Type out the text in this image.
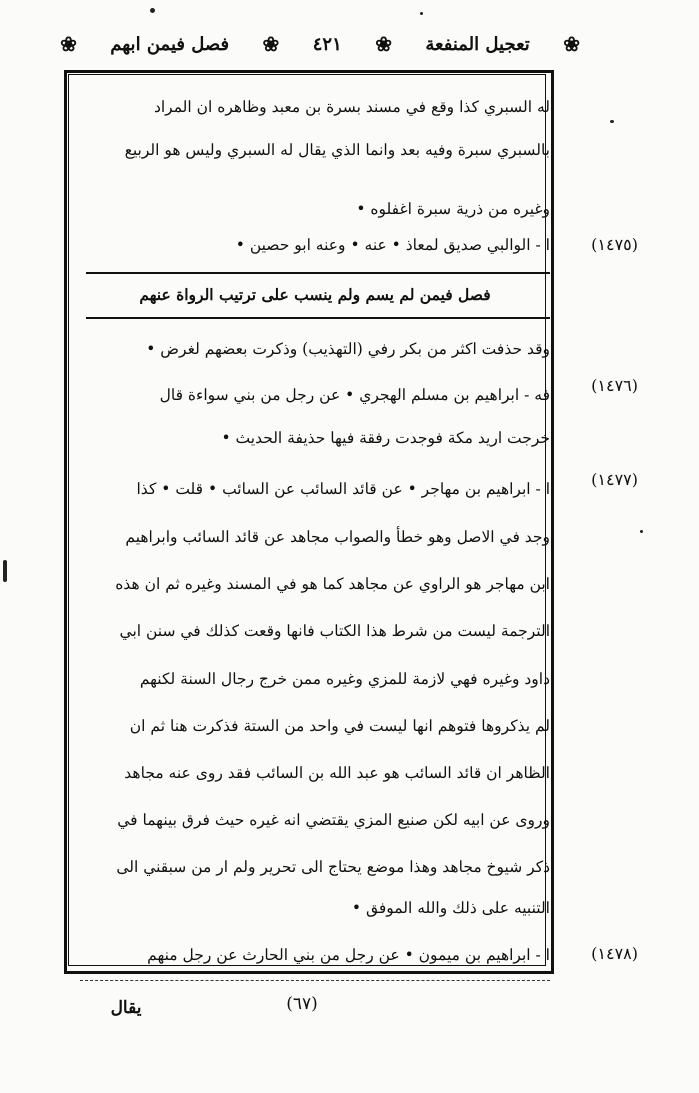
❀
تعجيل المنفعة
❀
٤٢١
❀
فصل فيمن ابهم
❀
له السبري كذا وقع في مسند بسرة بن معبد وظاهره ان المراد
بالسبري سبرة وفيه بعد وانما الذي يقال له السبري وليس هو الربيع
وغيره من ذرية سبرة اغفلوه •
ا - الوالبي صديق لمعاذ • عنه • وعنه ابو حصين •	(١٤٧٥)
فصل فيمن لم يسم ولم ينسب على ترتيب الرواة عنهم
وقد حذفت اكثر من بكر رفي (التهذيب) وذكرت بعضهم لغرض •
فه - ابراهيم بن مسلم الهجري • عن رجل من بني سواءة قال	(١٤٧٦)
خرجت اريد مكة فوجدت رفقة فيها حذيفة الحديث •
ا - ابراهيم بن مهاجر • عن قائد السائب عن السائب • قلت • كذا	(١٤٧٧)
وجد في الاصل وهو خطأ والصواب مجاهد عن قائد السائب وابراهيم
ابن مهاجر هو الراوي عن مجاهد كما هو في المسند وغيره ثم ان هذه
الترجمة ليست من شرط هذا الكتاب فانها وقعت كذلك في سنن ابي
داود وغيره فهي لازمة للمزي وغيره ممن خرج رجال السنة لكنهم
لم يذكروها فتوهم انها ليست في واحد من الستة فذكرت هنا ثم ان
الظاهر ان قائد السائب هو عبد الله بن السائب فقد روى عنه مجاهد
وروى عن ابيه لكن صنيع المزي يقتضي انه غيره حيث فرق بينهما في
ذكر شيوخ مجاهد وهذا موضع يحتاج الى تحرير ولم ار من سبقني الى
التنبيه على ذلك والله الموفق •
ا - ابراهيم بن ميمون • عن رجل من بني الحارث عن رجل منهم	(١٤٧٨)
(٦٧)
يقال
